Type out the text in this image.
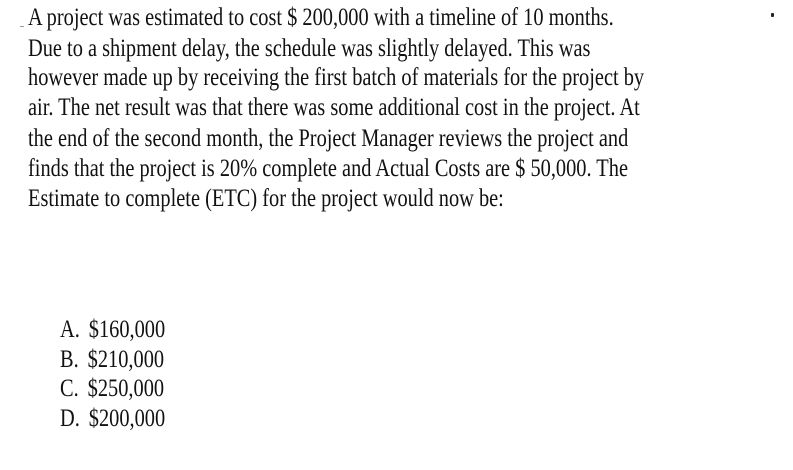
A project was estimated to cost $ 200,000 with a timeline of 10 months.

Due to a shipment delay, the schedule was slightly delayed. This was

however made up by receiving the first batch of materials for the project by

air. The net result was that there was some additional cost in the project. At

the end of the second month, the Project Manager reviews the project and

finds that the project is 20% complete and Actual Costs are $ 50,000. The

Estimate to complete (ETC) for the project would now be:

A. $160,000

B. $210,000

C. $250,000

D. $200,000
